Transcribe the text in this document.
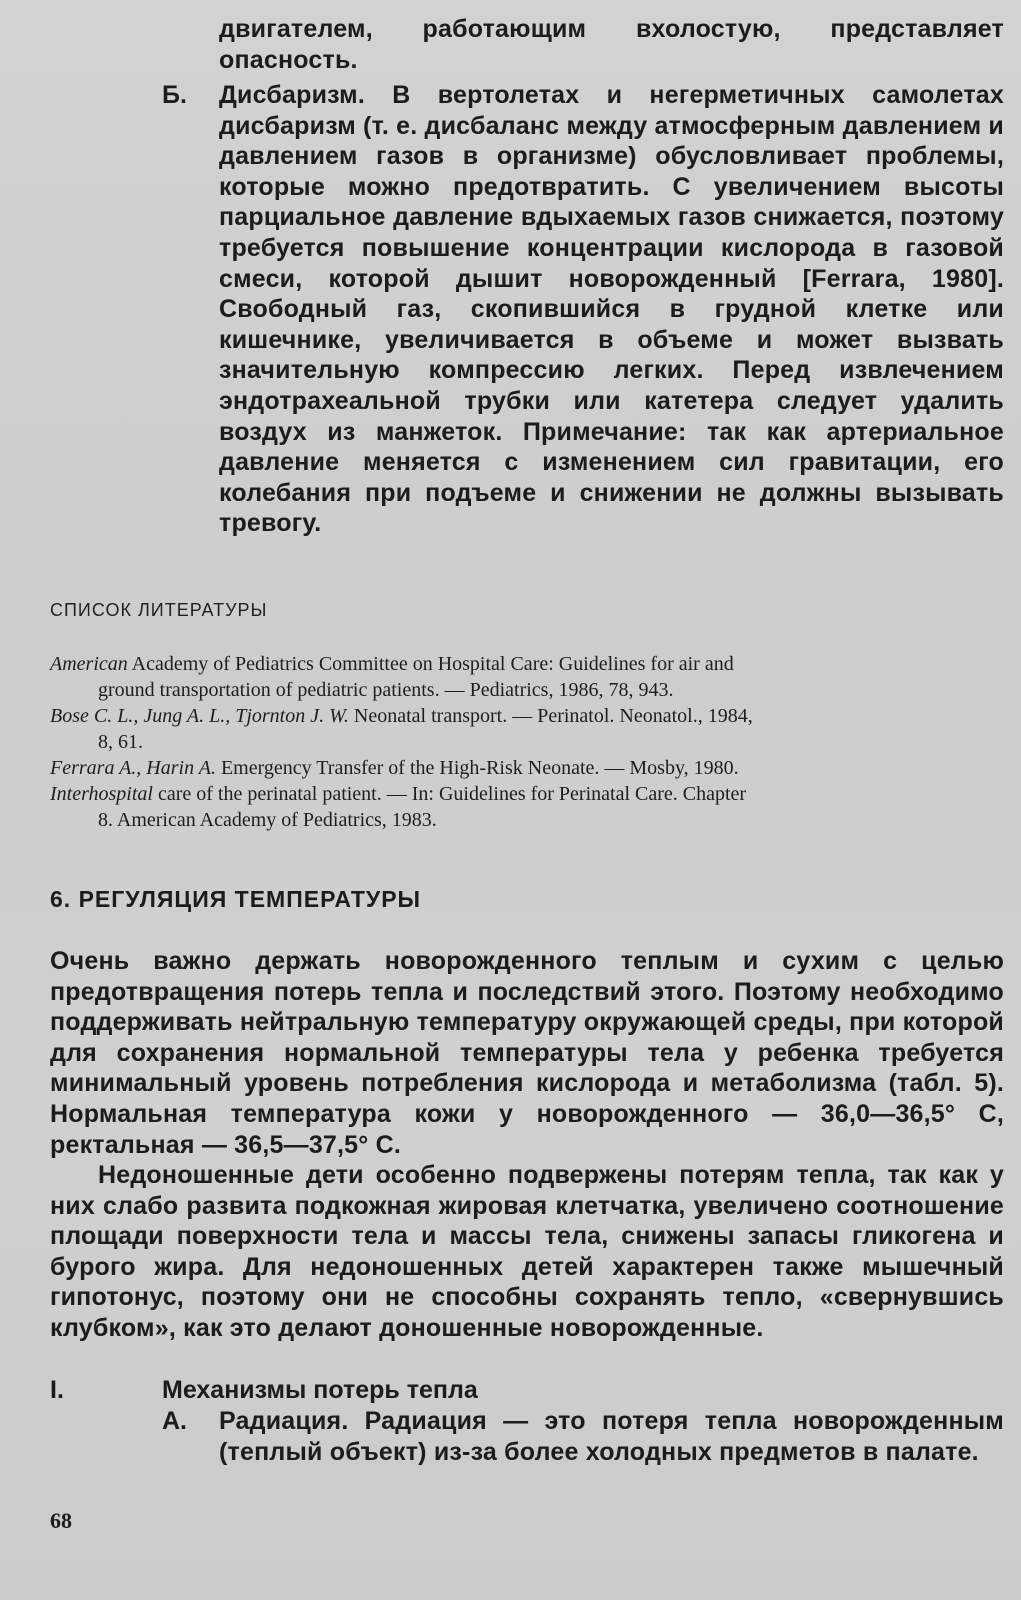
двигателем, работающим вхолостую, представляет опасность.

Б. Дисбаризм. В вертолетах и негерметичных самолетах дисбаризм (т. е. дисбаланс между атмосферным давлением и давлением газов в организме) обусловливает проблемы, которые можно предотвратить. С увеличением высоты парциальное давление вдыхаемых газов снижается, поэтому требуется повышение концентрации кислорода в газовой смеси, которой дышит новорожденный [Ferrara, 1980]. Свободный газ, скопившийся в грудной клетке или кишечнике, увеличивается в объеме и может вызвать значительную компрессию легких. Перед извлечением эндотрахеальной трубки или катетера следует удалить воздух из манжеток. Примечание: так как артериальное давление меняется с изменением сил гравитации, его колебания при подъеме и снижении не должны вызывать тревогу.

СПИСОК ЛИТЕРАТУРЫ

American Academy of Pediatrics Committee on Hospital Care: Guidelines for air and
ground transportation of pediatric patients. — Pediatrics, 1986, 78, 943.

Bose C. L., Jung A. L., Tjornton J. W. Neonatal transport. — Perinatol. Neonatol., 1984,
8, 61.

Ferrara A., Harin A. Emergency Transfer of the High-Risk Neonate. — Mosby, 1980.

Interhospital care of the perinatal patient. — In: Guidelines for Perinatal Care. Chapter
8. American Academy of Pediatrics, 1983.

6. РЕГУЛЯЦИЯ ТЕМПЕРАТУРЫ

Очень важно держать новорожденного теплым и сухим с целью предотвращения потерь тепла и последствий этого. Поэтому необходимо поддерживать нейтральную температуру окружающей среды, при которой для сохранения нормальной температуры тела у ребенка требуется минимальный уровень потребления кислорода и метаболизма (табл. 5). Нормальная температура кожи у новорожденного — 36,0—36,5° С, ректальная — 36,5—37,5° С.

Недоношенные дети особенно подвержены потерям тепла, так как у них слабо развита подкожная жировая клетчатка, увеличено соотношение площади поверхности тела и массы тела, снижены запасы гликогена и бурого жира. Для недоношенных детей характерен также мышечный гипотонус, поэтому они не способны сохранять тепло, «свернувшись клубком», как это делают доношенные новорожденные.

I.	Механизмы потерь тепла
А. Радиация. Радиация — это потеря тепла новорожденным (теплый объект) из-за более холодных предметов в палате.

68
